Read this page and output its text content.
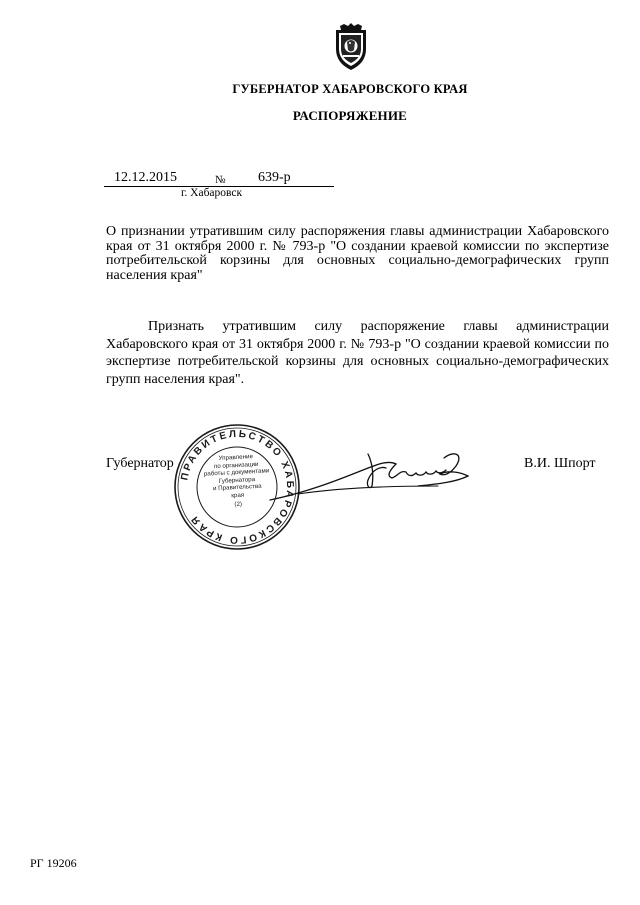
ГУБЕРНАТОР ХАБАРОВСКОГО КРАЯ
РАСПОРЯЖЕНИЕ
12.12.2015	№ 639-р
г. Хабаровск
О признании утратившим силу распоряжения главы администрации Хабаровского края от 31 октября 2000 г. № 793-р "О создании краевой комиссии по экспертизе потребительской корзины для основных социально-демографических групп населения края"
Признать утратившим силу распоряжение главы администрации Хабаровского края от 31 октября 2000 г. № 793-р "О создании краевой комиссии по экспертизе потребительской корзины для основных социально-демографических групп населения края".
Губернатор
ПРАВИТЕЛЬСТВО ХАБАРОВСКОГО КРАЯ
Управление
по организации
работы с документами
Губернатора
и Правительства
края
(2)
В.И. Шпорт
РГ 19206
